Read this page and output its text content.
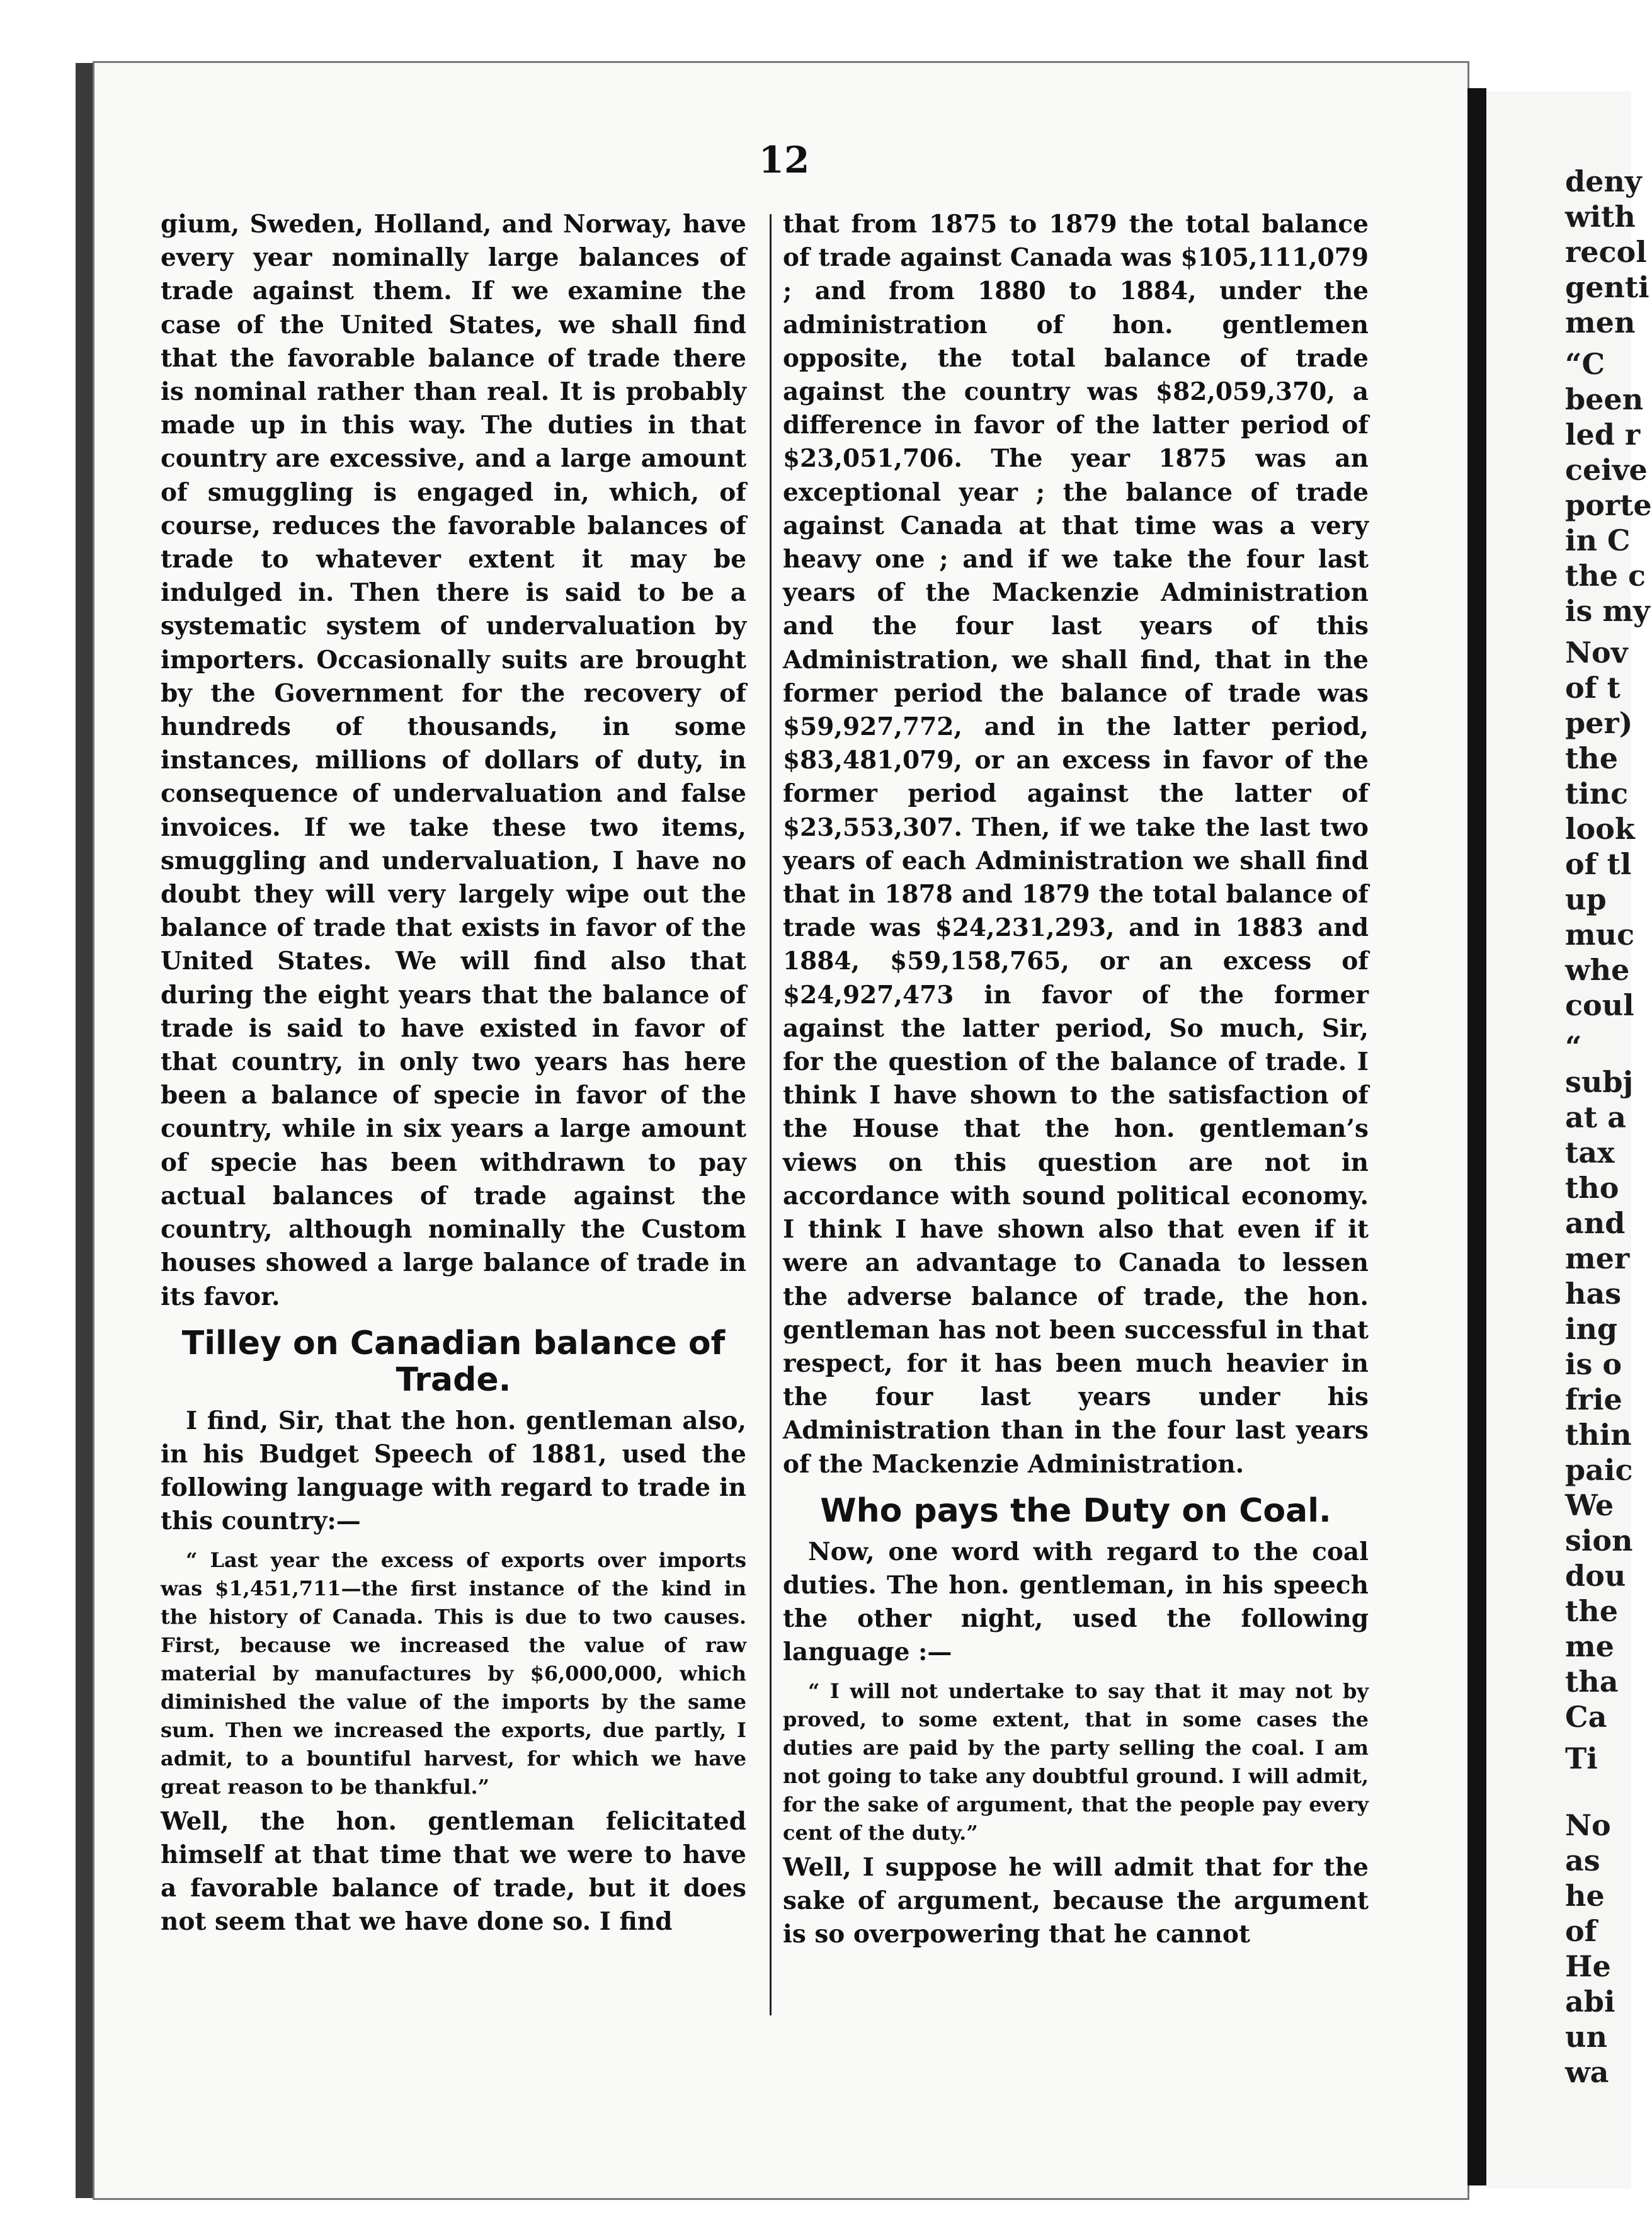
deny
with
recol
genti
men
“C
been
led r
ceive
porte
in C
the c
is my
Nov
of t
per)
the
tinc
look
of tl
up
muc
whe
coul
“
subj
at a
tax
tho
and
mer
has
ing
is o
frie
thin
paic
We
sion
dou
the
me
tha
Ca
Ti
No
as
he
of
He
abi
un
wa
12

gium, Sweden, Holland, and Norway, have every year nominally large balances of trade against them. If we examine the case of the United States, we shall find that the favorable balance of trade there is nominal rather than real. It is probably made up in this way. The duties in that country are excessive, and a large amount of smuggling is engaged in, which, of course, reduces the favorable balances of trade to whatever extent it may be indulged in. Then there is said to be a systematic system of undervaluation by importers. Occasionally suits are brought by the Government for the recovery of hundreds of thousands, in some instances, millions of dollars of duty, in consequence of undervaluation and false invoices. If we take these two items, smuggling and undervaluation, I have no doubt they will very largely wipe out the balance of trade that exists in favor of the United States. We will find also that during the eight years that the balance of trade is said to have existed in favor of that country, in only two years has here been a balance of specie in favor of the country, while in six years a large amount of specie has been withdrawn to pay actual balances of trade against the country, although nominally the Custom houses showed a large balance of trade in its favor.

Tilley on Canadian balance of Trade.

I find, Sir, that the hon. gentleman also, in his Budget Speech of 1881, used the following language with regard to trade in this country:—

“ Last year the excess of exports over imports was $1,451,711—the first instance of the kind in the history of Canada. This is due to two causes. First, because we increased the value of raw material by manufactures by $6,000,000, which diminished the value of the imports by the same sum. Then we increased the exports, due partly, I admit, to a bountiful harvest, for which we have great reason to be thankful.”

Well, the hon. gentleman felicitated himself at that time that we were to have a favorable balance of trade, but it does not seem that we have done so. I find

that from 1875 to 1879 the total balance of trade against Canada was $105,111,079 ; and from 1880 to 1884, under the administration of hon. gentlemen opposite, the total balance of trade against the country was $82,059,370, a difference in favor of the latter period of $23,051,706. The year 1875 was an exceptional year ; the balance of trade against Canada at that time was a very heavy one ; and if we take the four last years of the Mackenzie Administration and the four last years of this Administration, we shall find, that in the former period the balance of trade was $59,927,772, and in the latter period, $83,481,079, or an excess in favor of the former period against the latter of $23,553,307. Then, if we take the last two years of each Administration we shall find that in 1878 and 1879 the total balance of trade was $24,231,293, and in 1883 and 1884, $59,158,765, or an excess of $24,927,473 in favor of the former against the latter period, So much, Sir, for the question of the balance of trade. I think I have shown to the satisfaction of the House that the hon. gentleman’s views on this question are not in accordance with sound political economy. I think I have shown also that even if it were an advantage to Canada to lessen the adverse balance of trade, the hon. gentleman has not been successful in that respect, for it has been much heavier in the four last years under his Administration than in the four last years of the Mackenzie Administration.

Who pays the Duty on Coal.

Now, one word with regard to the coal duties. The hon. gentleman, in his speech the other night, used the following language :—

“ I will not undertake to say that it may not by proved, to some extent, that in some cases the duties are paid by the party selling the coal. I am not going to take any doubtful ground. I will admit, for the sake of argument, that the people pay every cent of the duty.”

Well, I suppose he will admit that for the sake of argument, because the argument is so overpowering that he cannot
